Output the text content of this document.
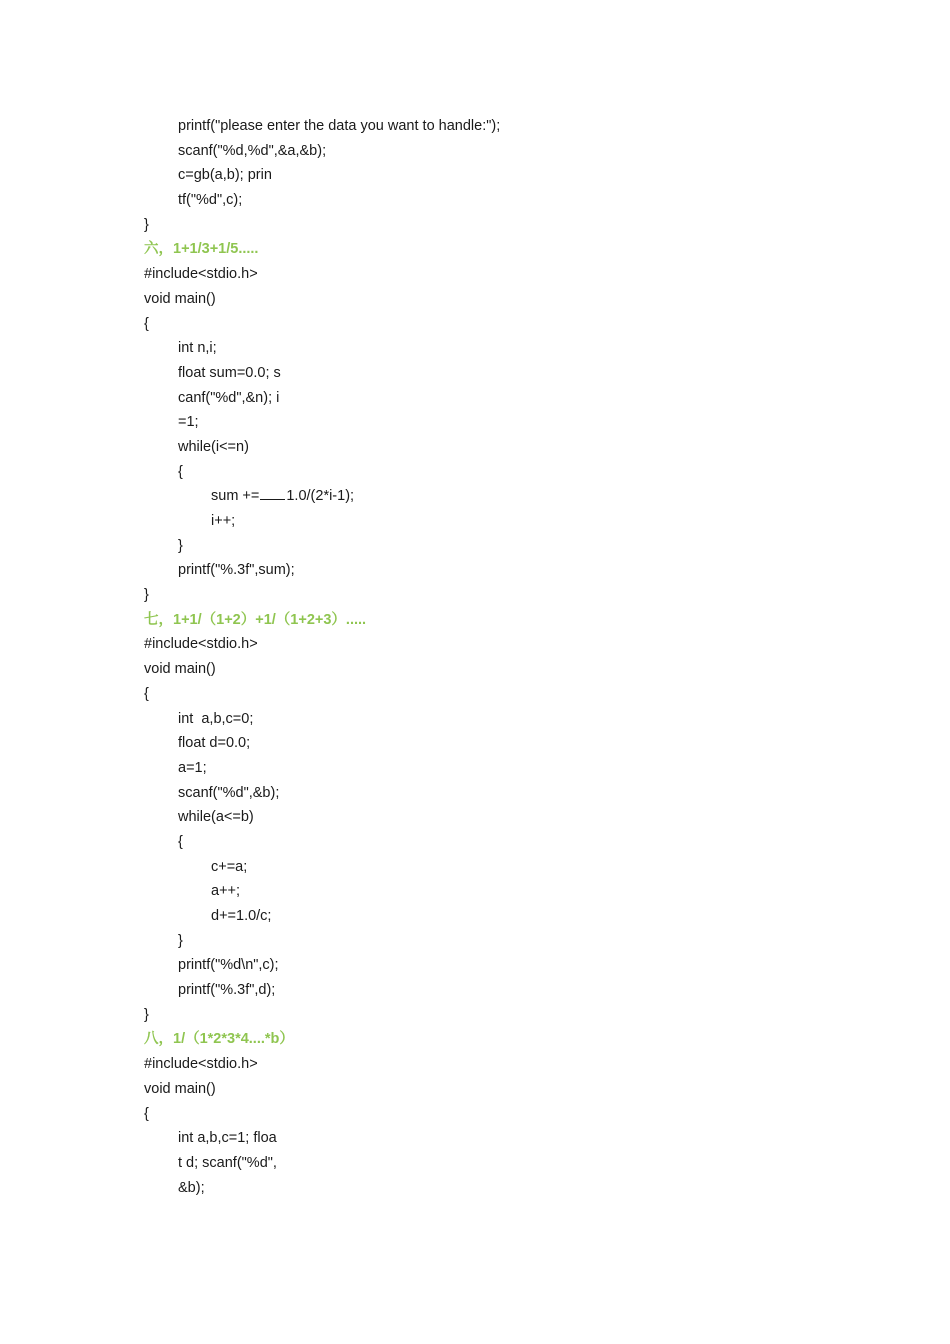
printf("please enter the data you want to handle:");
scanf("%d,%d",&a,&b);
c=gb(a,b); prin
tf("%d",c);
}
六，1+1/3+1/5.....
#include<stdio.h>
void main()
{
int n,i;
float sum=0.0; s
canf("%d",&n); i
=1;
while(i<=n)
{
sum += 1.0/(2*i-1);
i++;
}
printf("%.3f",sum);
}
七，1+1/（1+2）+1/（1+2+3）.....
#include<stdio.h>
void main()
{
int  a,b,c=0;
float d=0.0;
a=1;
scanf("%d",&b);
while(a<=b)
{
c+=a;
a++;
d+=1.0/c;
}
printf("%d\n",c);
printf("%.3f",d);
}
八，1/（1*2*3*4....*b）
#include<stdio.h>
void main()
{
int a,b,c=1; floa
t d; scanf("%d",
&b);
